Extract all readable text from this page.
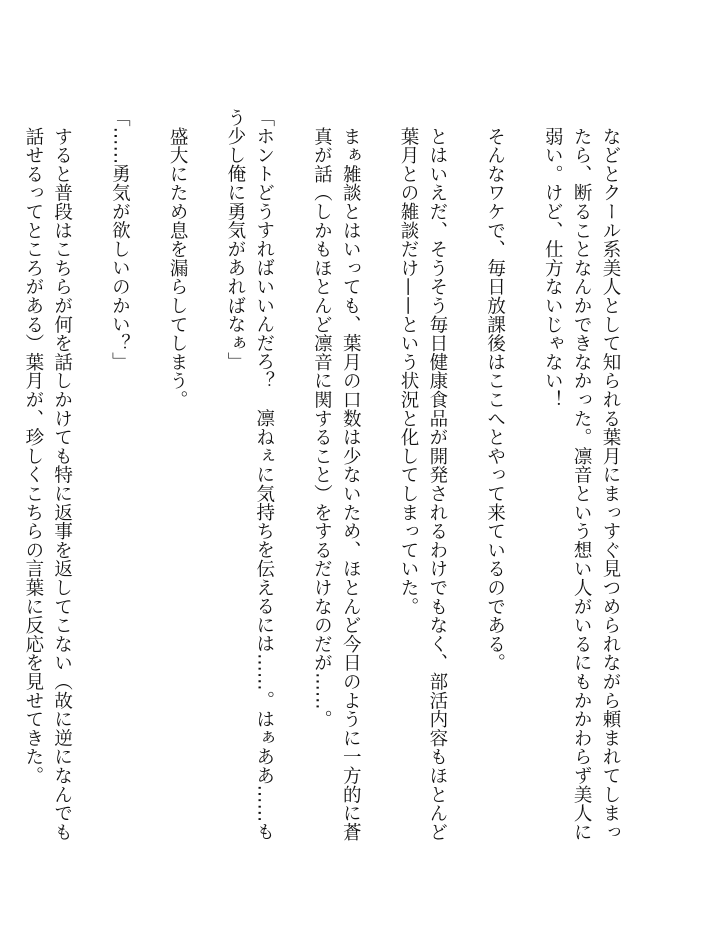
などとクール系美人として知られる葉月にまっすぐ見つめられながら頼まれてしまったら、断ることなんかできなかった。凛音という想い人がいるにもかかわらず美人に弱い。けど、仕方ないじゃない！

そんなワケで、毎日放課後はここへとやって来ているのである。

とはいえだ、そうそう毎日健康食品が開発されるわけでもなく、部活内容もほとんど葉月との雑談だけ——という状況と化してしまっていた。

まぁ雑談とはいっても、葉月の口数は少ないため、ほとんど今日のように一方的に蒼真が話（しかもほとんど凛音に関すること）をするだけなのだが……。

「ホントどうすればいいんだろ？　凛ねぇに気持ちを伝えるには……。はぁああ……もう少し俺に勇気があればなぁ」

盛大にため息を漏らしてしまう。

「……勇気が欲しいのかい？」

すると普段はこちらが何を話しかけても特に返事を返してこない（故に逆になんでも話せるってところがある）葉月が、珍しくこちらの言葉に反応を見せてきた。
